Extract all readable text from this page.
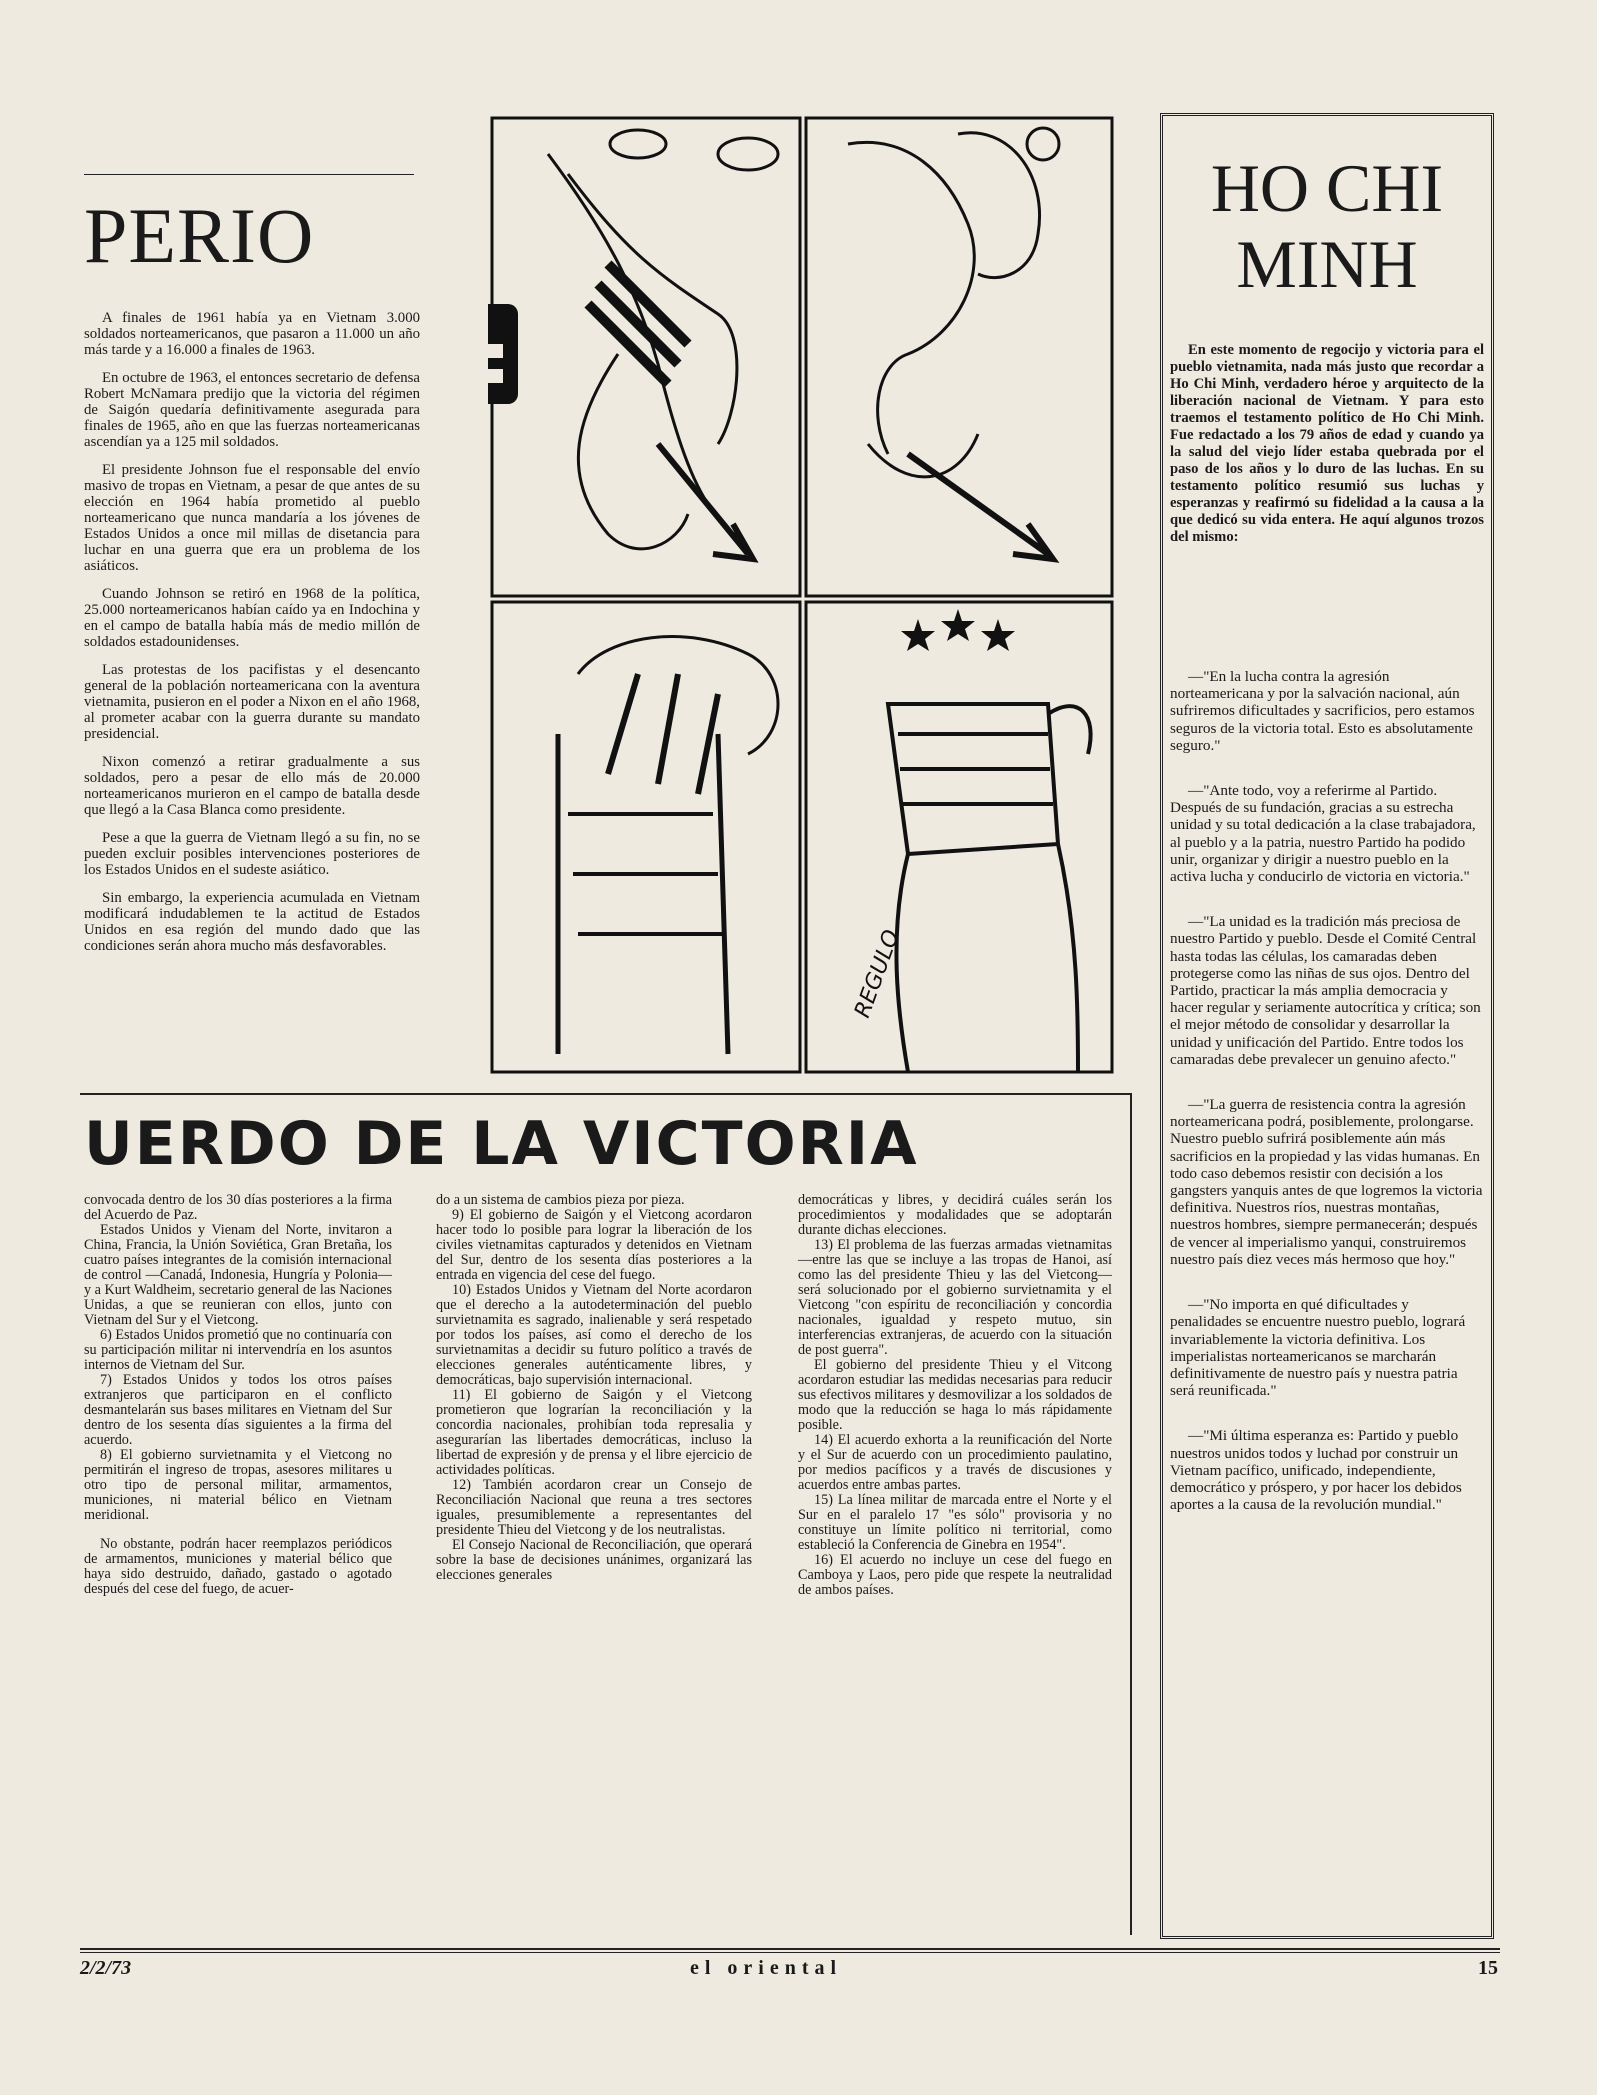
PERIO

A finales de 1961 había ya en Vietnam 3.000 soldados norteamericanos, que pasaron a 11.000 un año más tarde y a 16.000 a finales de 1963.

En octubre de 1963, el entonces secretario de defensa Robert McNamara predijo que la victoria del régimen de Saigón quedaría definitivamente asegurada para finales de 1965, año en que las fuerzas norteamericanas ascendían ya a 125 mil soldados.

El presidente Johnson fue el responsable del envío masivo de tropas en Vietnam, a pesar de que antes de su elección en 1964 había prometido al pueblo norteamericano que nunca mandaría a los jóvenes de Estados Unidos a once mil millas de disetancia para luchar en una guerra que era un problema de los asiáticos.

Cuando Johnson se retiró en 1968 de la política, 25.000 norteamericanos habían caído ya en Indochina y en el campo de batalla había más de medio millón de soldados estadounidenses.

Las protestas de los pacifistas y el desencanto general de la población norteamericana con la aventura vietnamita, pusieron en el poder a Nixon en el año 1968, al prometer acabar con la guerra durante su mandato presidencial.

Nixon comenzó a retirar gradualmente a sus soldados, pero a pesar de ello más de 20.000 norteamericanos murieron en el campo de batalla desde que llegó a la Casa Blanca como presidente.

Pese a que la guerra de Vietnam llegó a su fin, no se pueden excluir posibles intervenciones posteriores de los Estados Unidos en el sudeste asiático.

Sin embargo, la experiencia acumulada en Vietnam modificará indudablemen te la actitud de Estados Unidos en esa región del mundo dado que las condiciones serán ahora mucho más desfavorables.	REGULO
HO CHI
MINH
En este momento de regocijo y victoria para el pueblo vietnamita, nada más justo que recordar a Ho Chi Minh, verdadero héroe y arquitecto de la liberación nacional de Vietnam. Y para esto traemos el testamento político de Ho Chi Minh. Fue redactado a los 79 años de edad y cuando ya la salud del viejo líder estaba quebrada por el paso de los años y lo duro de las luchas. En su testamento político resumió sus luchas y esperanzas y reafirmó su fidelidad a la causa a la que dedicó su vida entera. He aquí algunos trozos del mismo:

—"En la lucha contra la agresión norteamericana y por la salvación nacional, aún sufriremos dificultades y sacrificios, pero estamos seguros de la victoria total. Esto es absolutamente seguro."

—"Ante todo, voy a referirme al Partido. Después de su fundación, gracias a su estrecha unidad y su total dedicación a la clase trabajadora, al pueblo y a la patria, nuestro Partido ha podido unir, organizar y dirigir a nuestro pueblo en la activa lucha y conducirlo de victoria en victoria."

—"La unidad es la tradición más preciosa de nuestro Partido y pueblo. Desde el Comité Central hasta todas las células, los camaradas deben protegerse como las niñas de sus ojos. Dentro del Partido, practicar la más amplia democracia y hacer regular y seriamente autocrítica y crítica; son el mejor método de consolidar y desarrollar la unidad y unificación del Partido. Entre todos los camaradas debe prevalecer un genuino afecto."

—"La guerra de resistencia contra la agresión norteamericana podrá, posiblemente, prolongarse. Nuestro pueblo sufrirá posiblemente aún más sacrificios en la propiedad y las vidas humanas. En todo caso debemos resistir con decisión a los gangsters yanquis antes de que logremos la victoria definitiva. Nuestros ríos, nuestras montañas, nuestros hombres, siempre permanecerán; después de vencer al imperialismo yanqui, construiremos nuestro país diez veces más hermoso que hoy."

—"No importa en qué dificultades y penalidades se encuentre nuestro pueblo, logrará invariablemente la victoria definitiva. Los imperialistas norteamericanos se marcharán definitivamente de nuestro país y nuestra patria será reunificada."

—"Mi última esperanza es: Partido y pueblo nuestros unidos todos y luchad por construir un Vietnam pacífico, unificado, independiente, democrático y próspero, y por hacer los debidos aportes a la causa de la revolución mundial."

UERDO DE LA VICTORIA

convocada dentro de los 30 días posteriores a la firma del Acuerdo de Paz.

Estados Unidos y Vienam del Norte, invitaron a China, Francia, la Unión Soviética, Gran Bretaña, los cuatro países integrantes de la comisión internacional de control —Canadá, Indonesia, Hungría y Polonia— y a Kurt Waldheim, secretario general de las Naciones Unidas, a que se reunieran con ellos, junto con Vietnam del Sur y el Vietcong.

6) Estados Unidos prometió que no continuaría con su participación militar ni intervendría en los asuntos internos de Vietnam del Sur.

7) Estados Unidos y todos los otros países extranjeros que participaron en el conflicto desmantelarán sus bases militares en Vietnam del Sur dentro de los sesenta días siguientes a la firma del acuerdo.

8) El gobierno survietnamita y el Vietcong no permitirán el ingreso de tropas, asesores militares u otro tipo de personal militar, armamentos, municiones, ni material bélico en Vietnam meridional.

No obstante, podrán hacer reemplazos periódicos de armamentos, municiones y material bélico que haya sido destruido, dañado, gastado o agotado después del cese del fuego, de acuer-

do a un sistema de cambios pieza por pieza.

9) El gobierno de Saigón y el Vietcong acordaron hacer todo lo posible para lograr la liberación de los civiles vietnamitas capturados y detenidos en Vietnam del Sur, dentro de los sesenta días posteriores a la entrada en vigencia del cese del fuego.

10) Estados Unidos y Vietnam del Norte acordaron que el derecho a la autodeterminación del pueblo survietnamita es sagrado, inalienable y será respetado por todos los países, así como el derecho de los survietnamitas a decidir su futuro político a través de elecciones generales auténticamente libres, y democráticas, bajo supervisión internacional.

11) El gobierno de Saigón y el Vietcong prometieron que lograrían la reconciliación y la concordia nacionales, prohibían toda represalia y asegurarían las libertades democráticas, incluso la libertad de expresión y de prensa y el libre ejercicio de actividades políticas.

12) También acordaron crear un Consejo de Reconciliación Nacional que reuna a tres sectores iguales, presumiblemente a representantes del presidente Thieu del Vietcong y de los neutralistas.

El Consejo Nacional de Reconciliación, que operará sobre la base de decisiones unánimes, organizará las elecciones generales

democráticas y libres, y decidirá cuáles serán los procedimientos y modalidades que se adoptarán durante dichas elecciones.

13) El problema de las fuerzas armadas vietnamitas —entre las que se incluye a las tropas de Hanoi, así como las del presidente Thieu y las del Vietcong— será solucionado por el gobierno survietnamita y el Vietcong "con espíritu de reconciliación y concordia nacionales, igualdad y respeto mutuo, sin interferencias extranjeras, de acuerdo con la situación de post guerra".

El gobierno del presidente Thieu y el Vitcong acordaron estudiar las medidas necesarias para reducir sus efectivos militares y desmovilizar a los soldados de modo que la reducción se haga lo más rápidamente posible.

14) El acuerdo exhorta a la reunificación del Norte y el Sur de acuerdo con un procedimiento paulatino, por medios pacíficos y a través de discusiones y acuerdos entre ambas partes.

15) La línea militar de marcada entre el Norte y el Sur en el paralelo 17 "es sólo" provisoria y no constituye un límite político ni territorial, como estableció la Conferencia de Ginebra en 1954".

16) El acuerdo no incluye un cese del fuego en Camboya y Laos, pero pide que respete la neutralidad de ambos países.

2/2/73	el oriental	15
